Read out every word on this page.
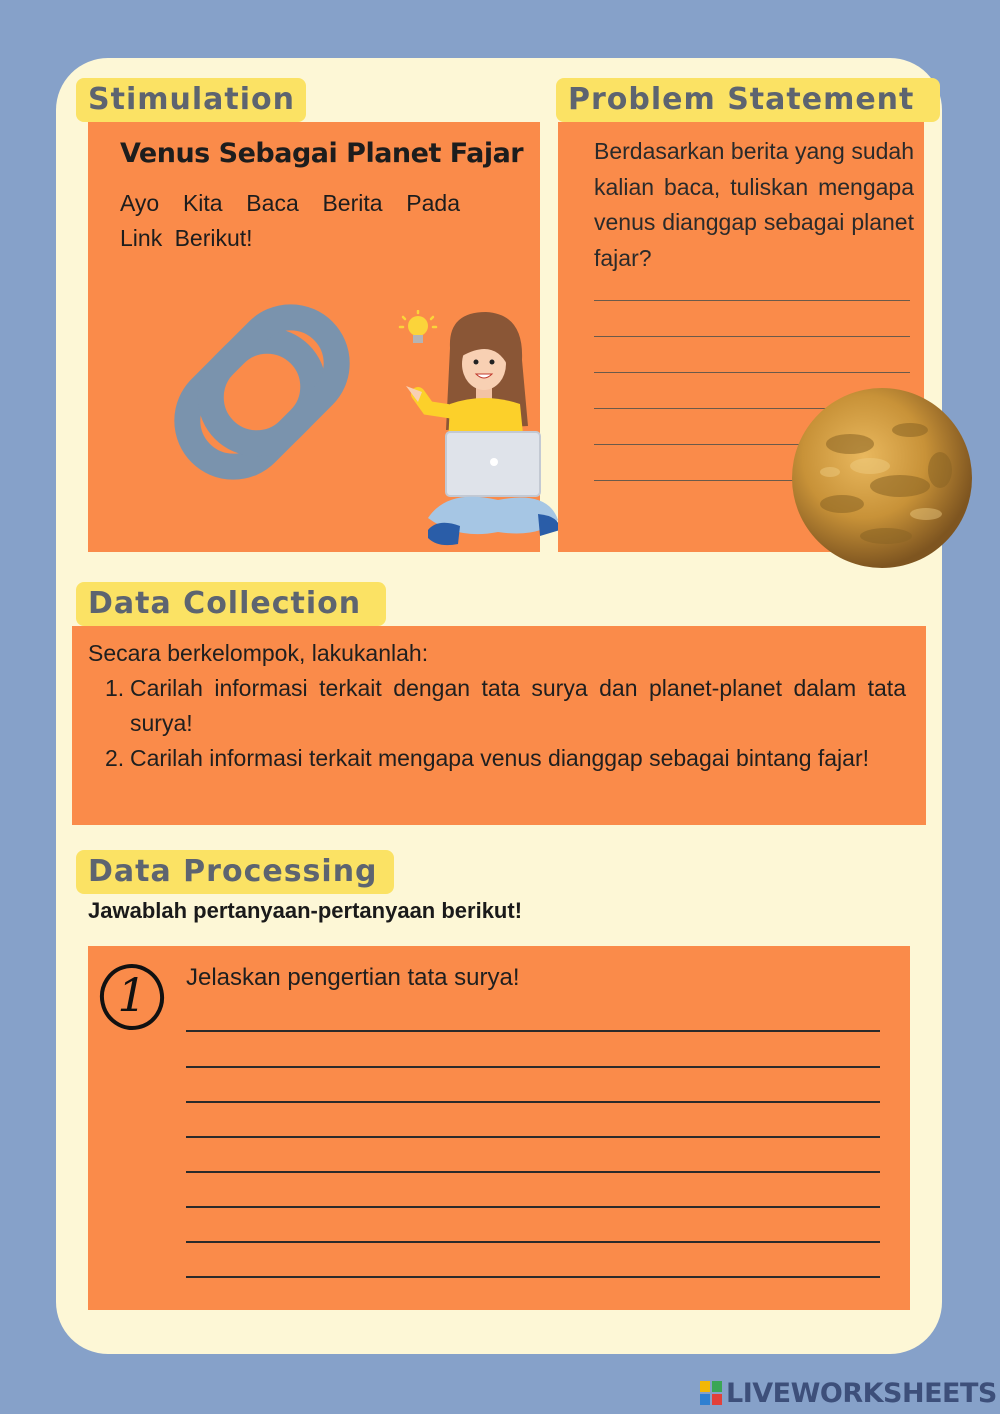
Stimulation
Venus Sebagai Planet Fajar
Ayo Kita Baca Berita Pada Link Berikut!
Problem Statement
Berdasarkan berita yang sudah kalian baca, tuliskan mengapa venus dianggap sebagai planet fajar?
Data Collection
Secara berkelompok, lakukanlah:
1. Carilah informasi terkait dengan tata surya dan planet-planet dalam tata surya!
2. Carilah informasi terkait mengapa venus dianggap sebagai bintang fajar!
Data Processing
Jawablah pertanyaan-pertanyaan berikut!
1	Jelaskan pengertian tata surya!
LIVEWORKSHEETS
